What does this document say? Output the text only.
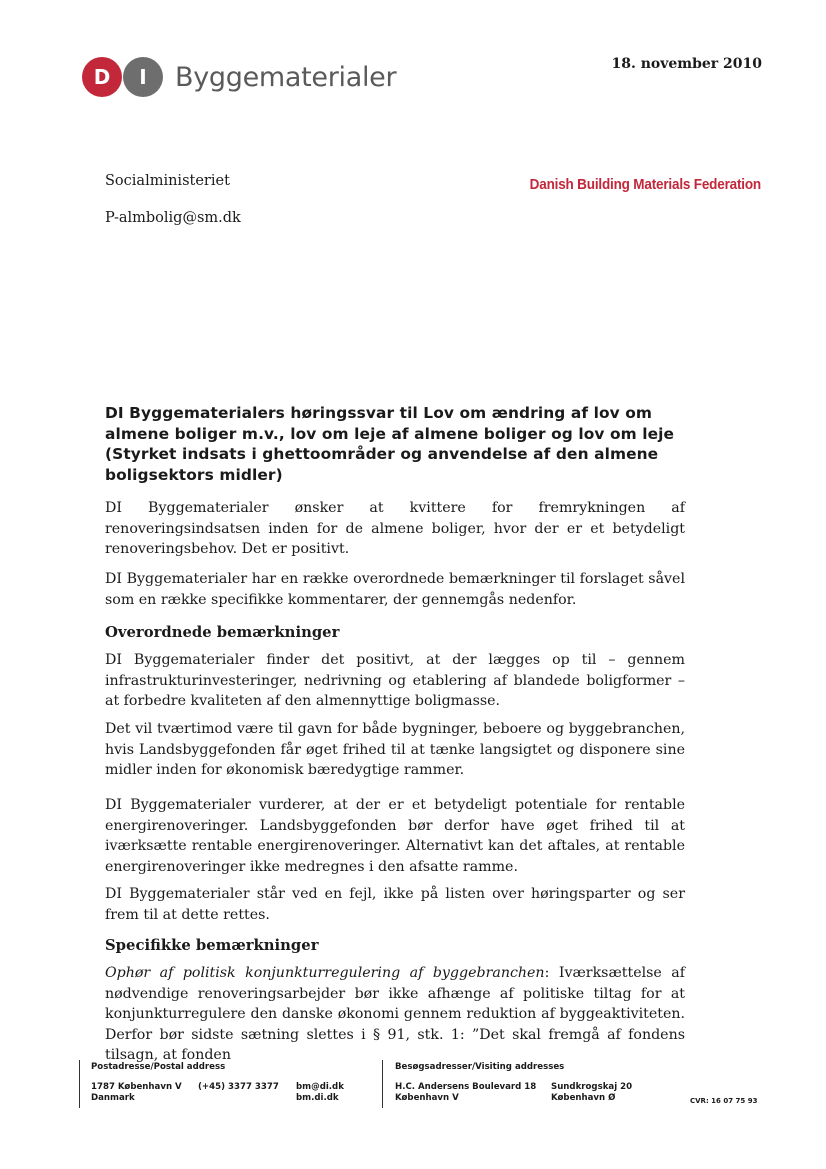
D	I	Byggematerialer	18. november 2010
Socialministeriet
P-almbolig@sm.dk
Danish Building Materials Federation
DI Byggematerialers høringssvar til Lov om ændring af lov om almene boliger m.v., lov om leje af almene boliger og lov om leje (Styrket indsats i ghettoområder og anvendelse af den almene boligsektors midler)
DI Byggematerialer ønsker at kvittere for fremrykningen af renoveringsindsatsen inden for de almene boliger, hvor der er et betydeligt renoveringsbehov. Det er positivt.
DI Byggematerialer har en række overordnede bemærkninger til forslaget såvel som en række specifikke kommentarer, der gennemgås nedenfor.
Overordnede bemærkninger
DI Byggematerialer finder det positivt, at der lægges op til – gennem infrastrukturinvesteringer, nedrivning og etablering af blandede boligformer – at forbedre kvaliteten af den almennyttige boligmasse.
Det vil tværtimod være til gavn for både bygninger, beboere og byggebranchen, hvis Landsbyggefonden får øget frihed til at tænke langsigtet og disponere sine midler inden for økonomisk bæredygtige rammer.
DI Byggematerialer vurderer, at der er et betydeligt potentiale for rentable energirenoveringer. Landsbyggefonden bør derfor have øget frihed til at iværksætte rentable energirenoveringer. Alternativt kan det aftales, at rentable energirenoveringer ikke medregnes i den afsatte ramme.
DI Byggematerialer står ved en fejl, ikke på listen over høringsparter og ser frem til at dette rettes.
Specifikke bemærkninger
Ophør af politisk konjunkturregulering af byggebranchen: Iværksættelse af nødvendige renoveringsarbejder bør ikke afhænge af politiske tiltag for at konjunkturregulere den danske økonomi gennem reduktion af byggeaktiviteten. Derfor bør sidste sætning slettes i § 91, stk. 1: ”Det skal fremgå af fondens tilsagn, at fonden
Postadresse/Postal address
1787 København V
Danmark
(+45) 3377 3377 bm@di.dk
bm.di.dk
Besøgsadresser/Visiting addresses
H.C. Andersens Boulevard 18
København V
Sundkrogskaj 20
København Ø	CVR: 16 07 75 93
